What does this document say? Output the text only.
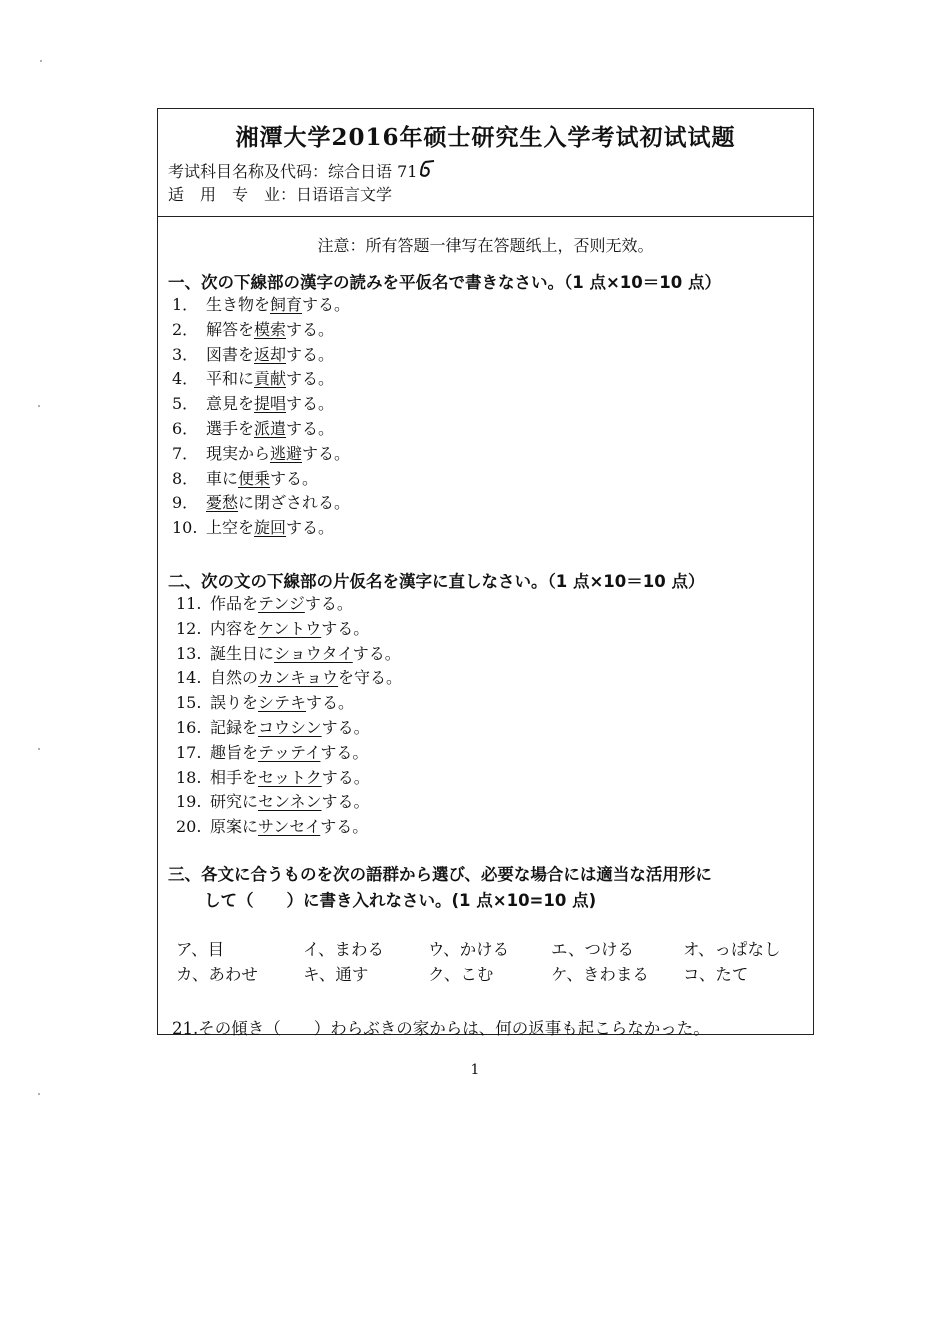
湘潭大学2016年硕士研究生入学考试初试试题
考试科目名称及代码：综合日语 71
适　用　专　业：日语语言文学
注意：所有答题一律写在答题纸上，否则无效。
一、次の下線部の漢字の読みを平仮名で書きなさい。（1 点×10＝10 点）
1． 生き物を飼育する。
2． 解答を模索する。
3． 図書を返却する。
4． 平和に貢献する。
5． 意見を提唱する。
6． 選手を派遣する。
7． 現実から逃避する。
8． 車に便乗する。
9． 憂愁に閉ざされる。
10. 上空を旋回する。
二、次の文の下線部の片仮名を漢字に直しなさい。（1 点×10＝10 点）
11. 作品をテンジする。
12. 内容をケントウする。
13. 誕生日にショウタイする。
14. 自然のカンキョウを守る。
15. 誤りをシテキする。
16. 記録をコウシンする。
17. 趣旨をテッテイする。
18. 相手をセットクする。
19. 研究にセンネンする。
20. 原案にサンセイする。
三、各文に合うものを次の語群から選び、必要な場合には適当な活用形に
して（　　）に書き入れなさい。(1 点×10=10 点)
ア、目	イ、まわる	ウ、かける	エ、つける	オ、っぱなし
カ、あわせ	キ、通す	ク、こむ	ケ、きわまる コ、たて
21.その傾き（　　）わらぶきの家からは、何の返事も起こらなかった。
1
